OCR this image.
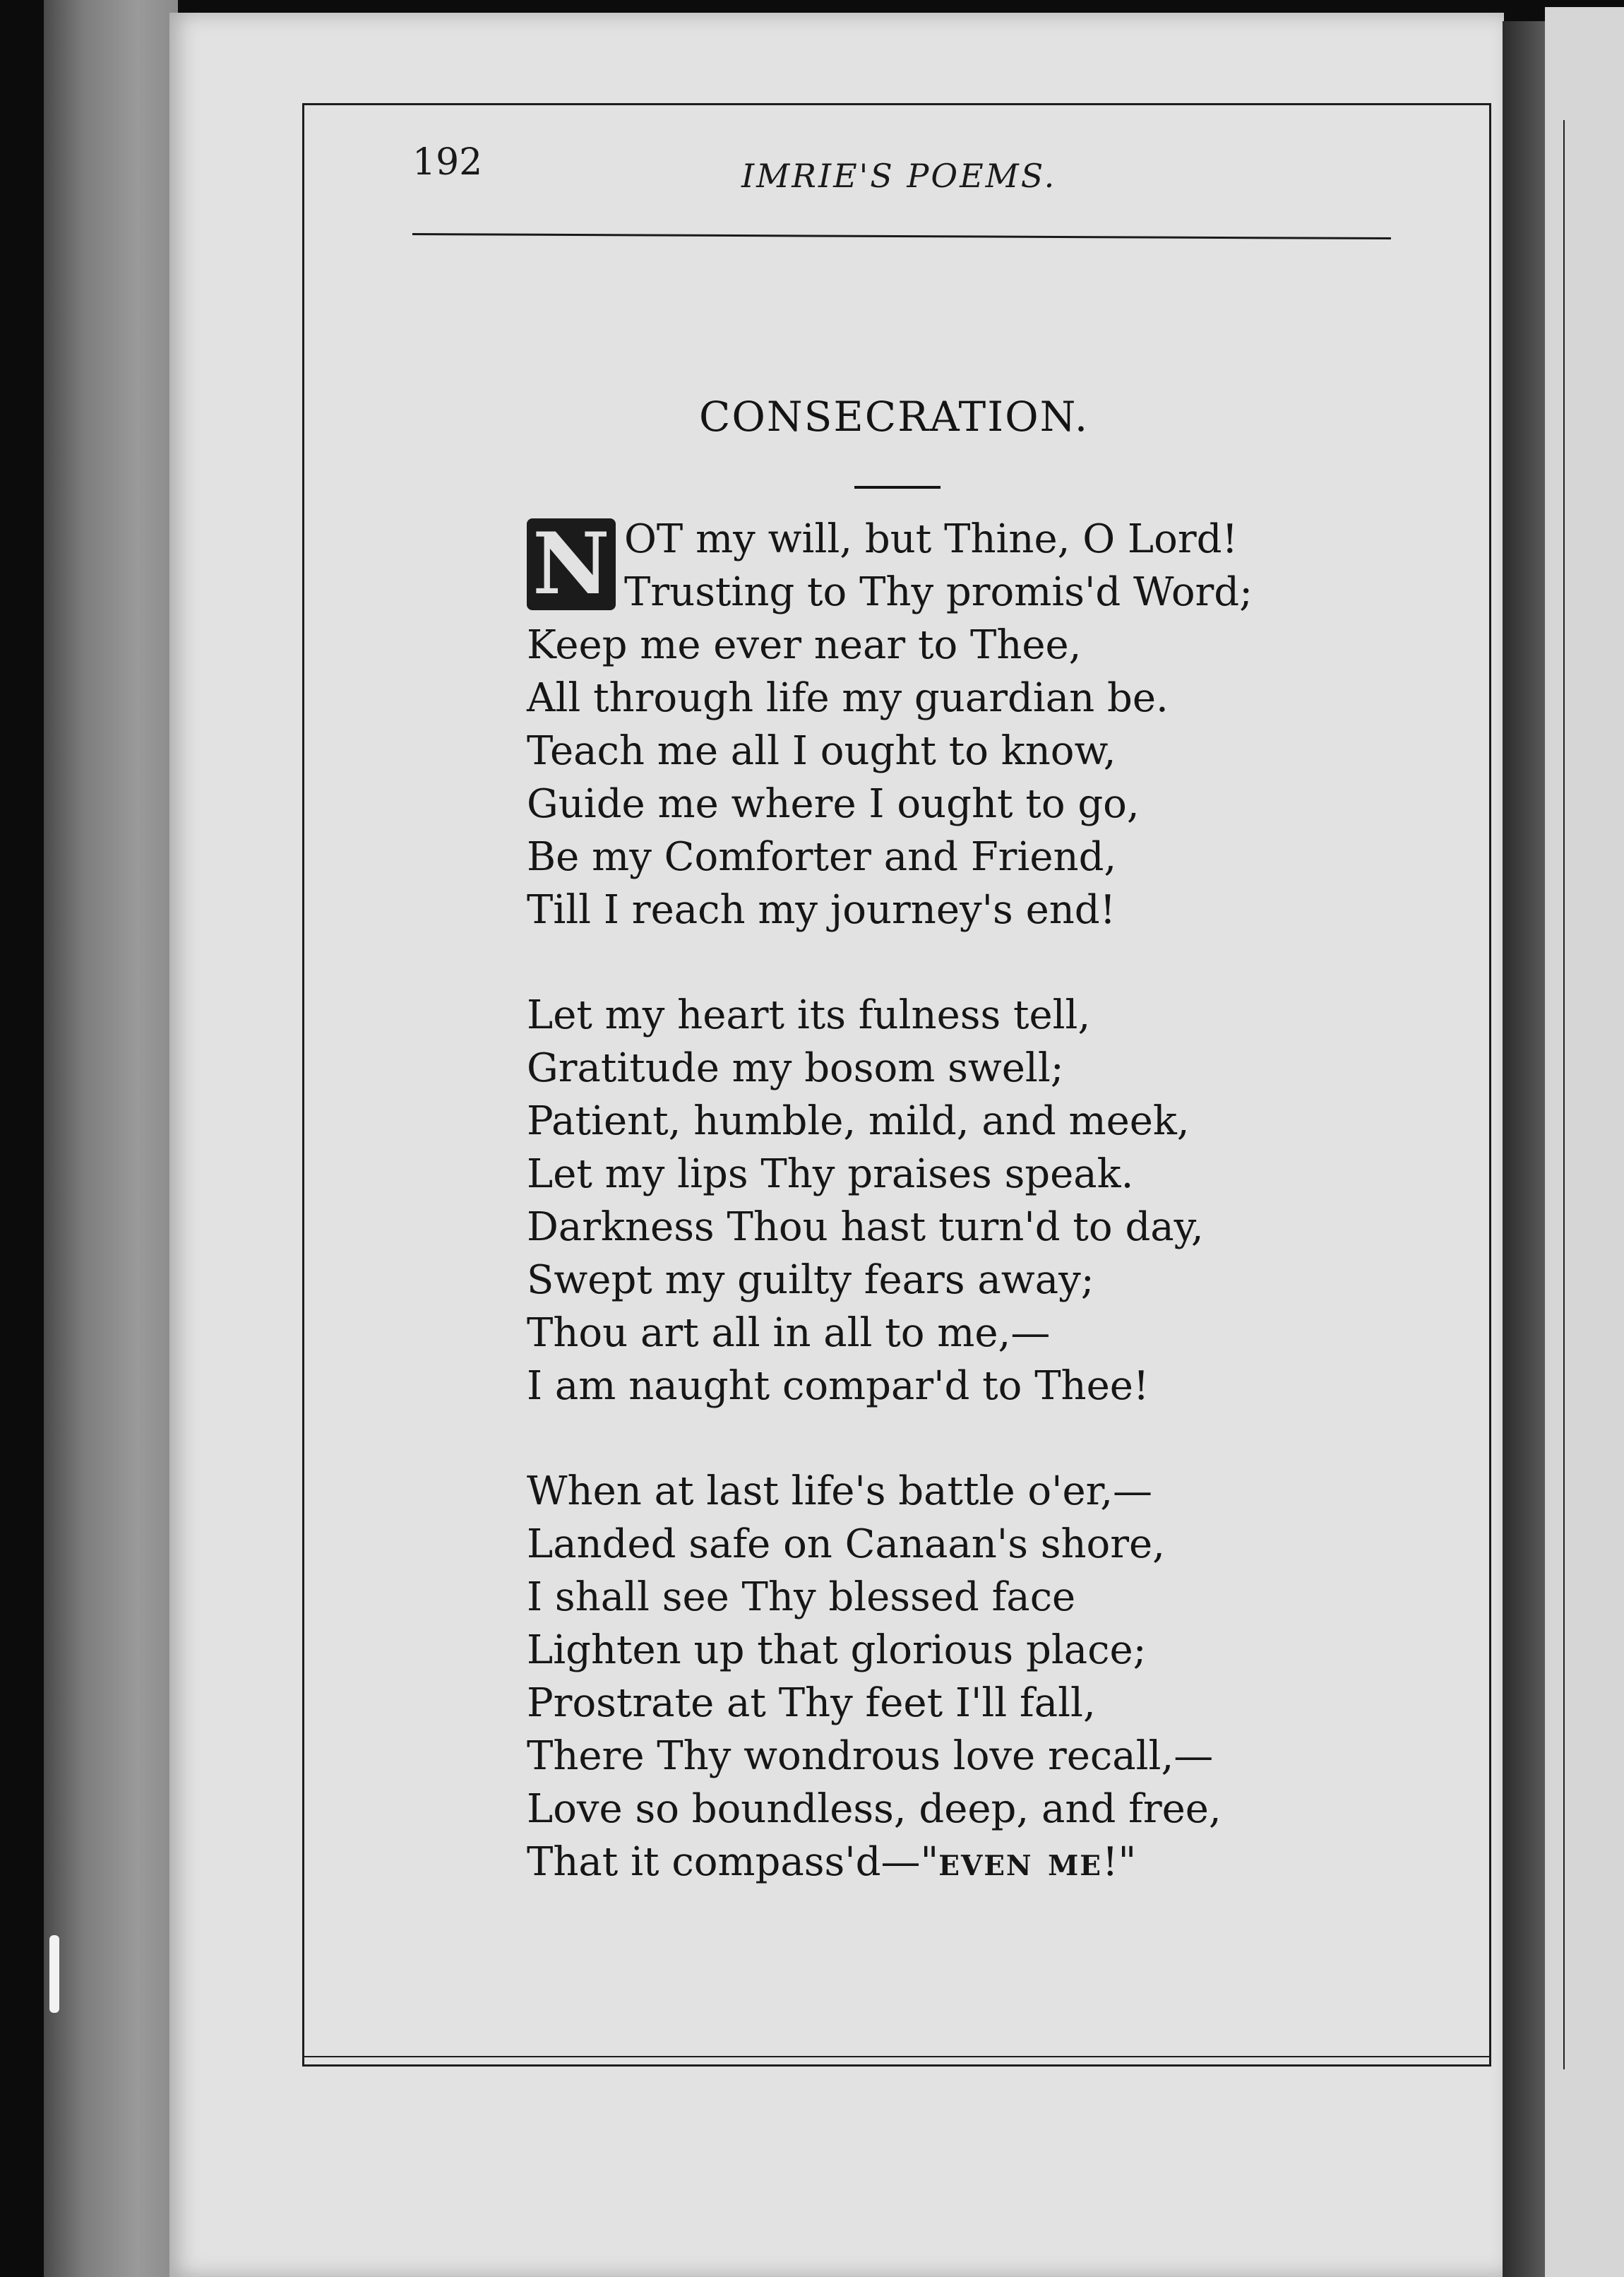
192	IMRIE'S POEMS.
CONSECRATION.
N OT my will, but Thine, O Lord!
Trusting to Thy promis'd Word;
Keep me ever near to Thee,
All through life my guardian be.
Teach me all I ought to know,
Guide me where I ought to go,
Be my Comforter and Friend,
Till I reach my journey's end!
Let my heart its fulness tell,
Gratitude my bosom swell;
Patient, humble, mild, and meek,
Let my lips Thy praises speak.
Darkness Thou hast turn'd to day,
Swept my guilty fears away;
Thou art all in all to me,—
I am naught compar'd to Thee!
When at last life's battle o'er,—
Landed safe on Canaan's shore,
I shall see Thy blessed face
Lighten up that glorious place;
Prostrate at Thy feet I'll fall,
There Thy wondrous love recall,—
Love so boundless, deep, and free,
That it compass'd—"even me!"
